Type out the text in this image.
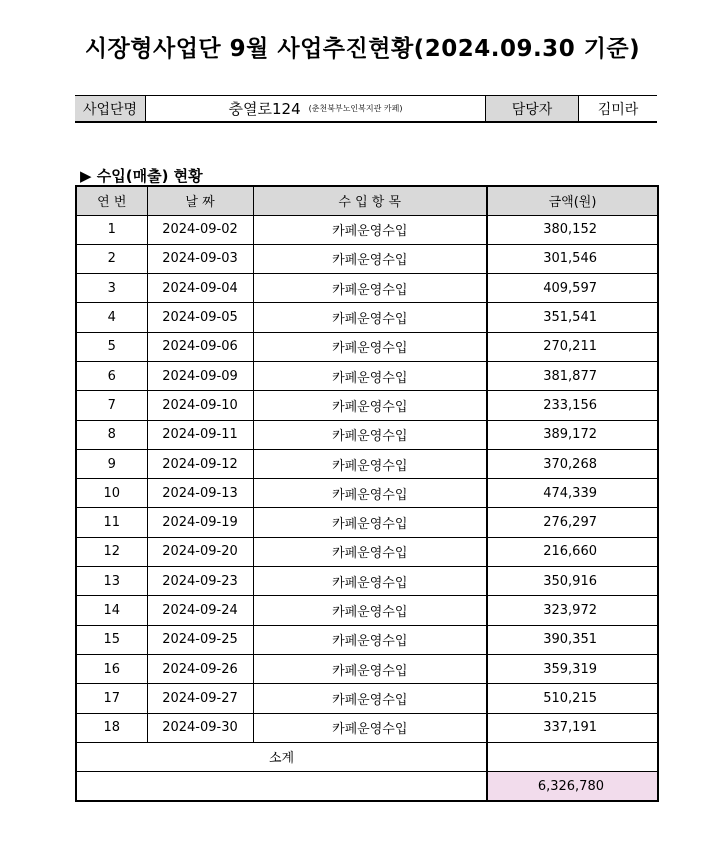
시장형사업단 9월 사업추진현황(2024.09.30 기준)
사업단명	충열로124 (춘천북부노인복지관 카페)	담당자	김미라
▶ 수입(매출) 현황
연 번	날 짜	수 입 항 목	금액(원)
1	2024-09-02	카페운영수입	380,152
2	2024-09-03	카페운영수입	301,546
3	2024-09-04	카페운영수입	409,597
4	2024-09-05	카페운영수입	351,541
5	2024-09-06	카페운영수입	270,211
6	2024-09-09	카페운영수입	381,877
7	2024-09-10	카페운영수입	233,156
8	2024-09-11	카페운영수입	389,172
9	2024-09-12	카페운영수입	370,268
10	2024-09-13	카페운영수입	474,339
11	2024-09-19	카페운영수입	276,297
12	2024-09-20	카페운영수입	216,660
13	2024-09-23	카페운영수입	350,916
14	2024-09-24	카페운영수입	323,972
15	2024-09-25	카페운영수입	390,351
16	2024-09-26	카페운영수입	359,319
17	2024-09-27	카페운영수입	510,215
18	2024-09-30	카페운영수입	337,191
소계			
			6,326,780
